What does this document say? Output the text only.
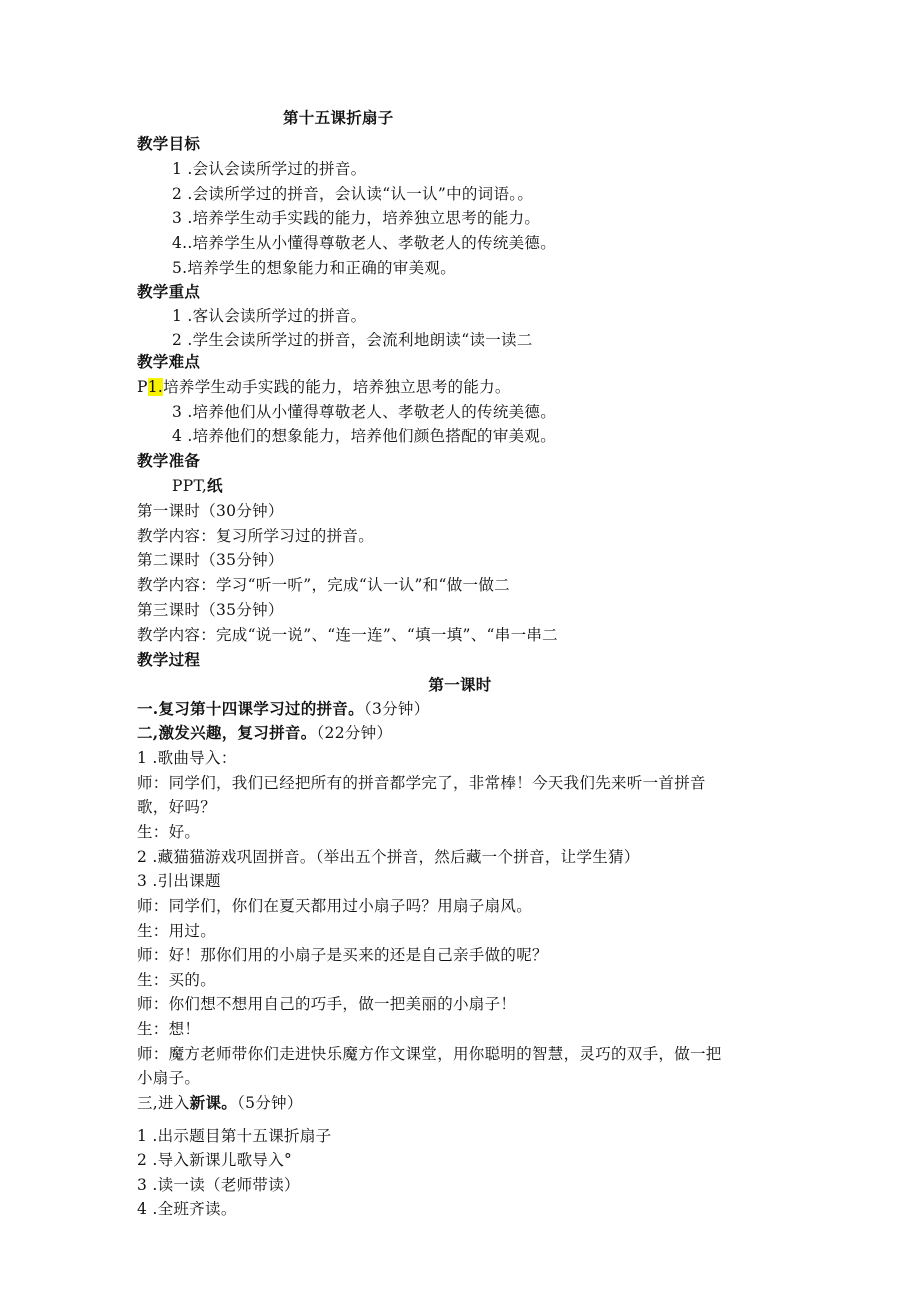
第十五课折扇子
教学目标
1 .会认会读所学过的拼音。
2 .会读所学过的拼音，会认读“认一认”中的词语。。
3 .培养学生动手实践的能力，培养独立思考的能力。
4..培养学生从小懂得尊敬老人、孝敬老人的传统美德。
5.培养学生的想象能力和正确的审美观。
教学重点
1 .客认会读所学过的拼音。
2 .学生会读所学过的拼音，会流利地朗读“读一读二
教学难点
P1.培养学生动手实践的能力，培养独立思考的能力。
3 .培养他们从小懂得尊敬老人、孝敬老人的传统美德。
4 .培养他们的想象能力，培养他们颜色搭配的审美观。
教学准备
PPT,纸
第一课时（30分钟）
教学内容：复习所学习过的拼音。
第二课时（35分钟）
教学内容：学习“听一听”，完成“认一认”和“做一做二
第三课时（35分钟）
教学内容：完成“说一说”、“连一连”、“填一填”、“串一串二
教学过程
第一课时
一.复习第十四课学习过的拼音。（3分钟）
二,激发兴趣，复习拼音。（22分钟）
1 .歌曲导入：
师：同学们，我们已经把所有的拼音都学完了，非常棒！今天我们先来听一首拼音
歌，好吗？
生：好。
2 .藏猫猫游戏巩固拼音。（举出五个拼音，然后藏一个拼音，让学生猜）
3 .引出课题
师：同学们，你们在夏天都用过小扇子吗？用扇子扇风。
生：用过。
师：好！那你们用的小扇子是买来的还是自己亲手做的呢？
生：买的。
师：你们想不想用自己的巧手，做一把美丽的小扇子！
生：想！
师：魔方老师带你们走进快乐魔方作文课堂，用你聪明的智慧，灵巧的双手，做一把
小扇子。
三,进入新课。（5分钟）
1 .出示题目第十五课折扇子
2 .导入新课儿歌导入°
3 .读一读（老师带读）
4 .全班齐读。
